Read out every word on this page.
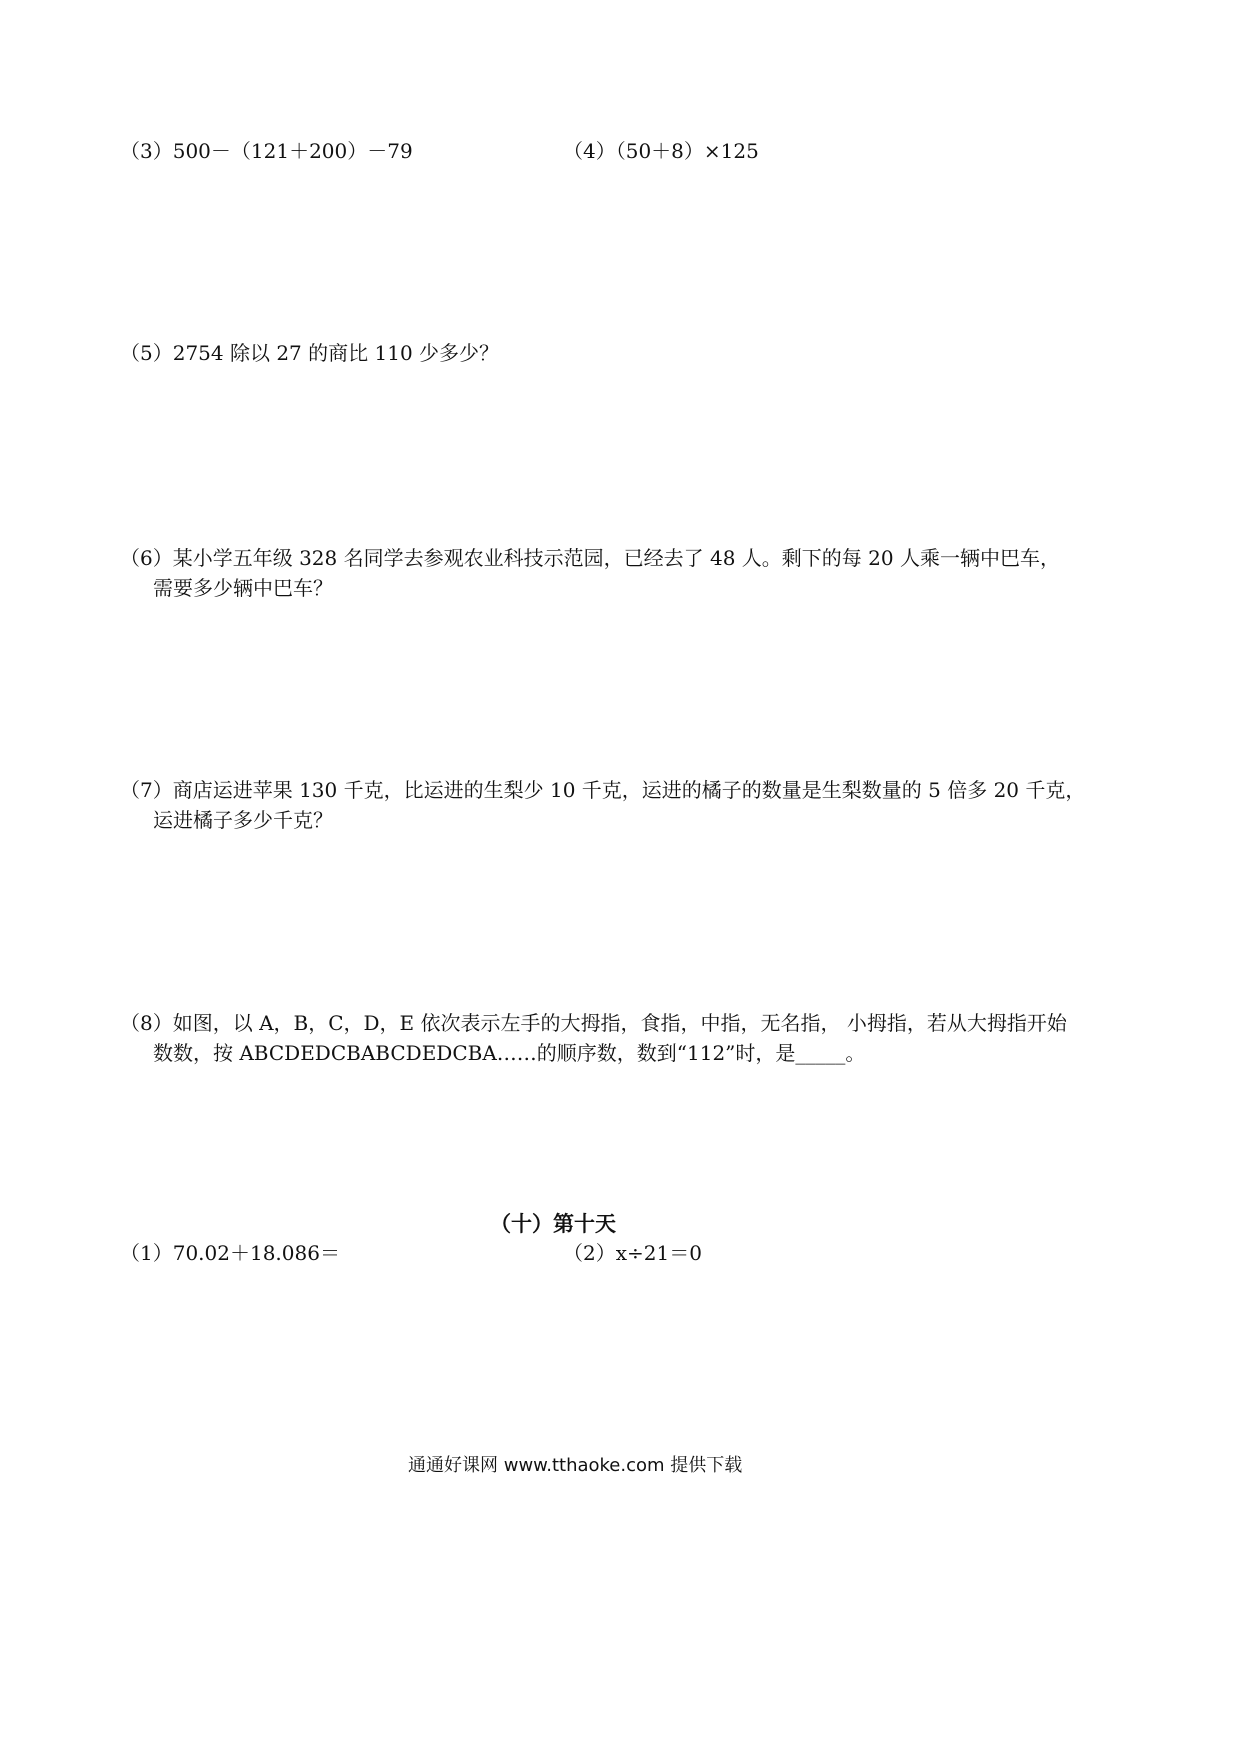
（3）500－（121＋200）－79	（4）（50＋8）×125
（5）2754 除以 27 的商比 110 少多少？
（6）某小学五年级 328 名同学去参观农业科技示范园，已经去了 48 人。剩下的每 20 人乘一辆中巴车，
需要多少辆中巴车？
（7）商店运进苹果 130 千克，比运进的生梨少 10 千克，运进的橘子的数量是生梨数量的 5 倍多 20 千克，
运进橘子多少千克？
（8）如图，以 A，B，C，D，E 依次表示左手的大拇指，食指，中指，无名指， 小拇指，若从大拇指开始
数数，按 ABCDEDCBABCDEDCBA……的顺序数，数到“112”时，是_____。
（十）第十天
（1）70.02＋18.086＝	（2）x÷21＝0
通通好课网 www.tthaoke.com 提供下载
